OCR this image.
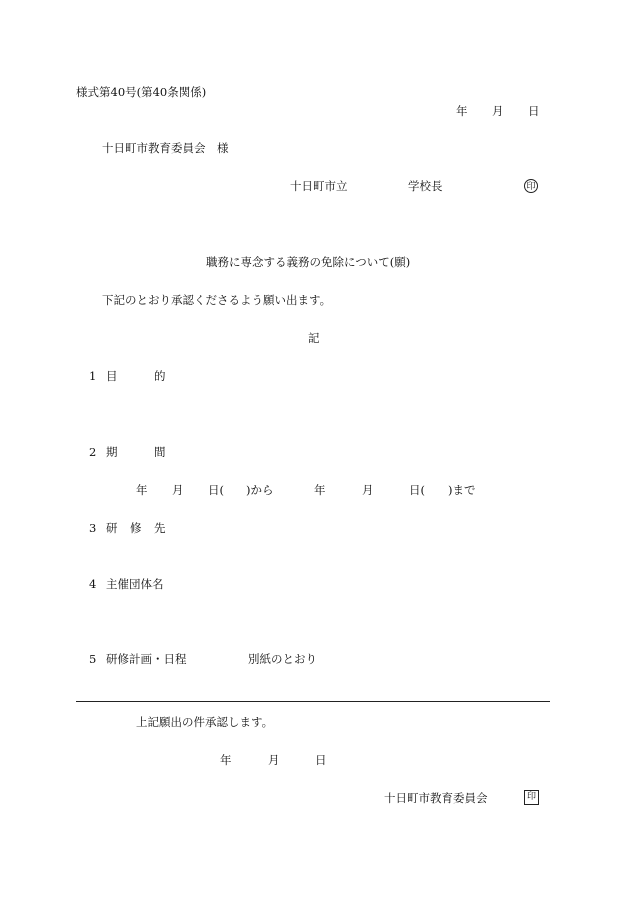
様式第40号(第40条関係)
年 月 日
十日町市教育委員会　様
十日町市立	学校長	印
職務に専念する義務の免除について(願)
下記のとおり承認くださるよう願い出ます。
記
1 目	的
2 期	間
年 月 日( )から	年	月	日( )まで
3 研 修 先
4 主催団体名
5 研修計画・日程	別紙のとおり
上記願出の件承認します。
年	月	日
十日町市教育委員会	印
